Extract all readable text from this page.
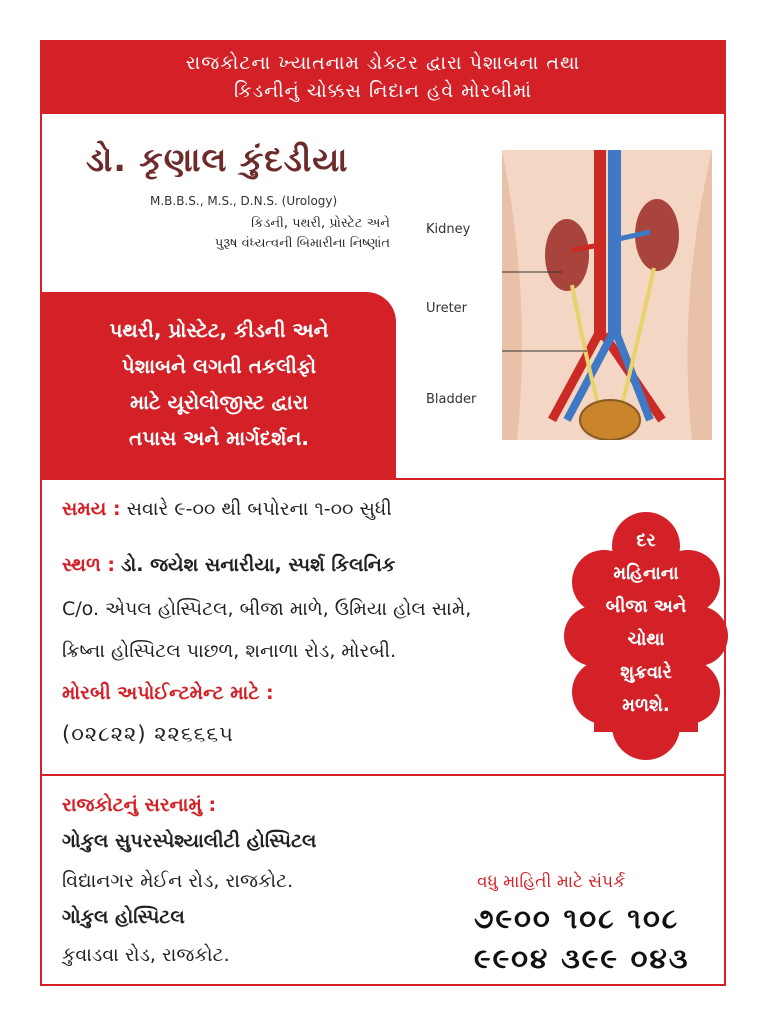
રાજકોટના ખ્યાતનામ ડોક્ટર દ્વારા પેશાબના તથા
કિડનીનું ચોક્કસ નિદાન હવે મોરબીમાં
ડો. કૃણાલ કુંદડીયા
M.B.B.S., M.S., D.N.S. (Urology)
કિડની, પથરી, પ્રોસ્ટેટ અને
પુરૂષ વંધ્યત્વની બિમારીના નિષ્ણાંત
Kidney
Ureter
Bladder
પથરી, પ્રોસ્ટેટ, કીડની અને
પેશાબને લગતી તકલીફો
માટે યૂરોલોજીસ્ટ દ્વારા
તપાસ અને માર્ગદર્શન.
સમય : સવારે ૯-૦૦ થી બપોરના ૧-૦૦ સુધી
સ્થળ : ડો. જયેશ સનારીયા, સ્પર્શ કિલનિક
C/o. એપલ હોસ્પિટલ, બીજા માળે, ઉમિયા હોલ સામે,
ક્રિષ્ના હોસ્પિટલ પાછળ, શનાળા રોડ, મોરબી.
મોરબી અપોઈન્ટમેન્ટ માટે :
(૦૨૮૨૨) ૨૨૬૬૬૫
દર
મહિનાના
બીજા અને
ચોથા
શુક્રવારે
મળશે.
રાજકોટનું સરનામું :
ગોકુલ સુપરસ્પેશ્યાલીટી હોસ્પિટલ
વિદ્યાનગર મેઈન રોડ, રાજકોટ.
ગોકુલ હોસ્પિટલ
કુવાડવા રોડ, રાજકોટ.
વધુ માહિતી માટે સંપર્ક
૭૯૦૦ ૧૦૮ ૧૦૮
૯૯૦૪ ૩૯૯ ૦૪૩
